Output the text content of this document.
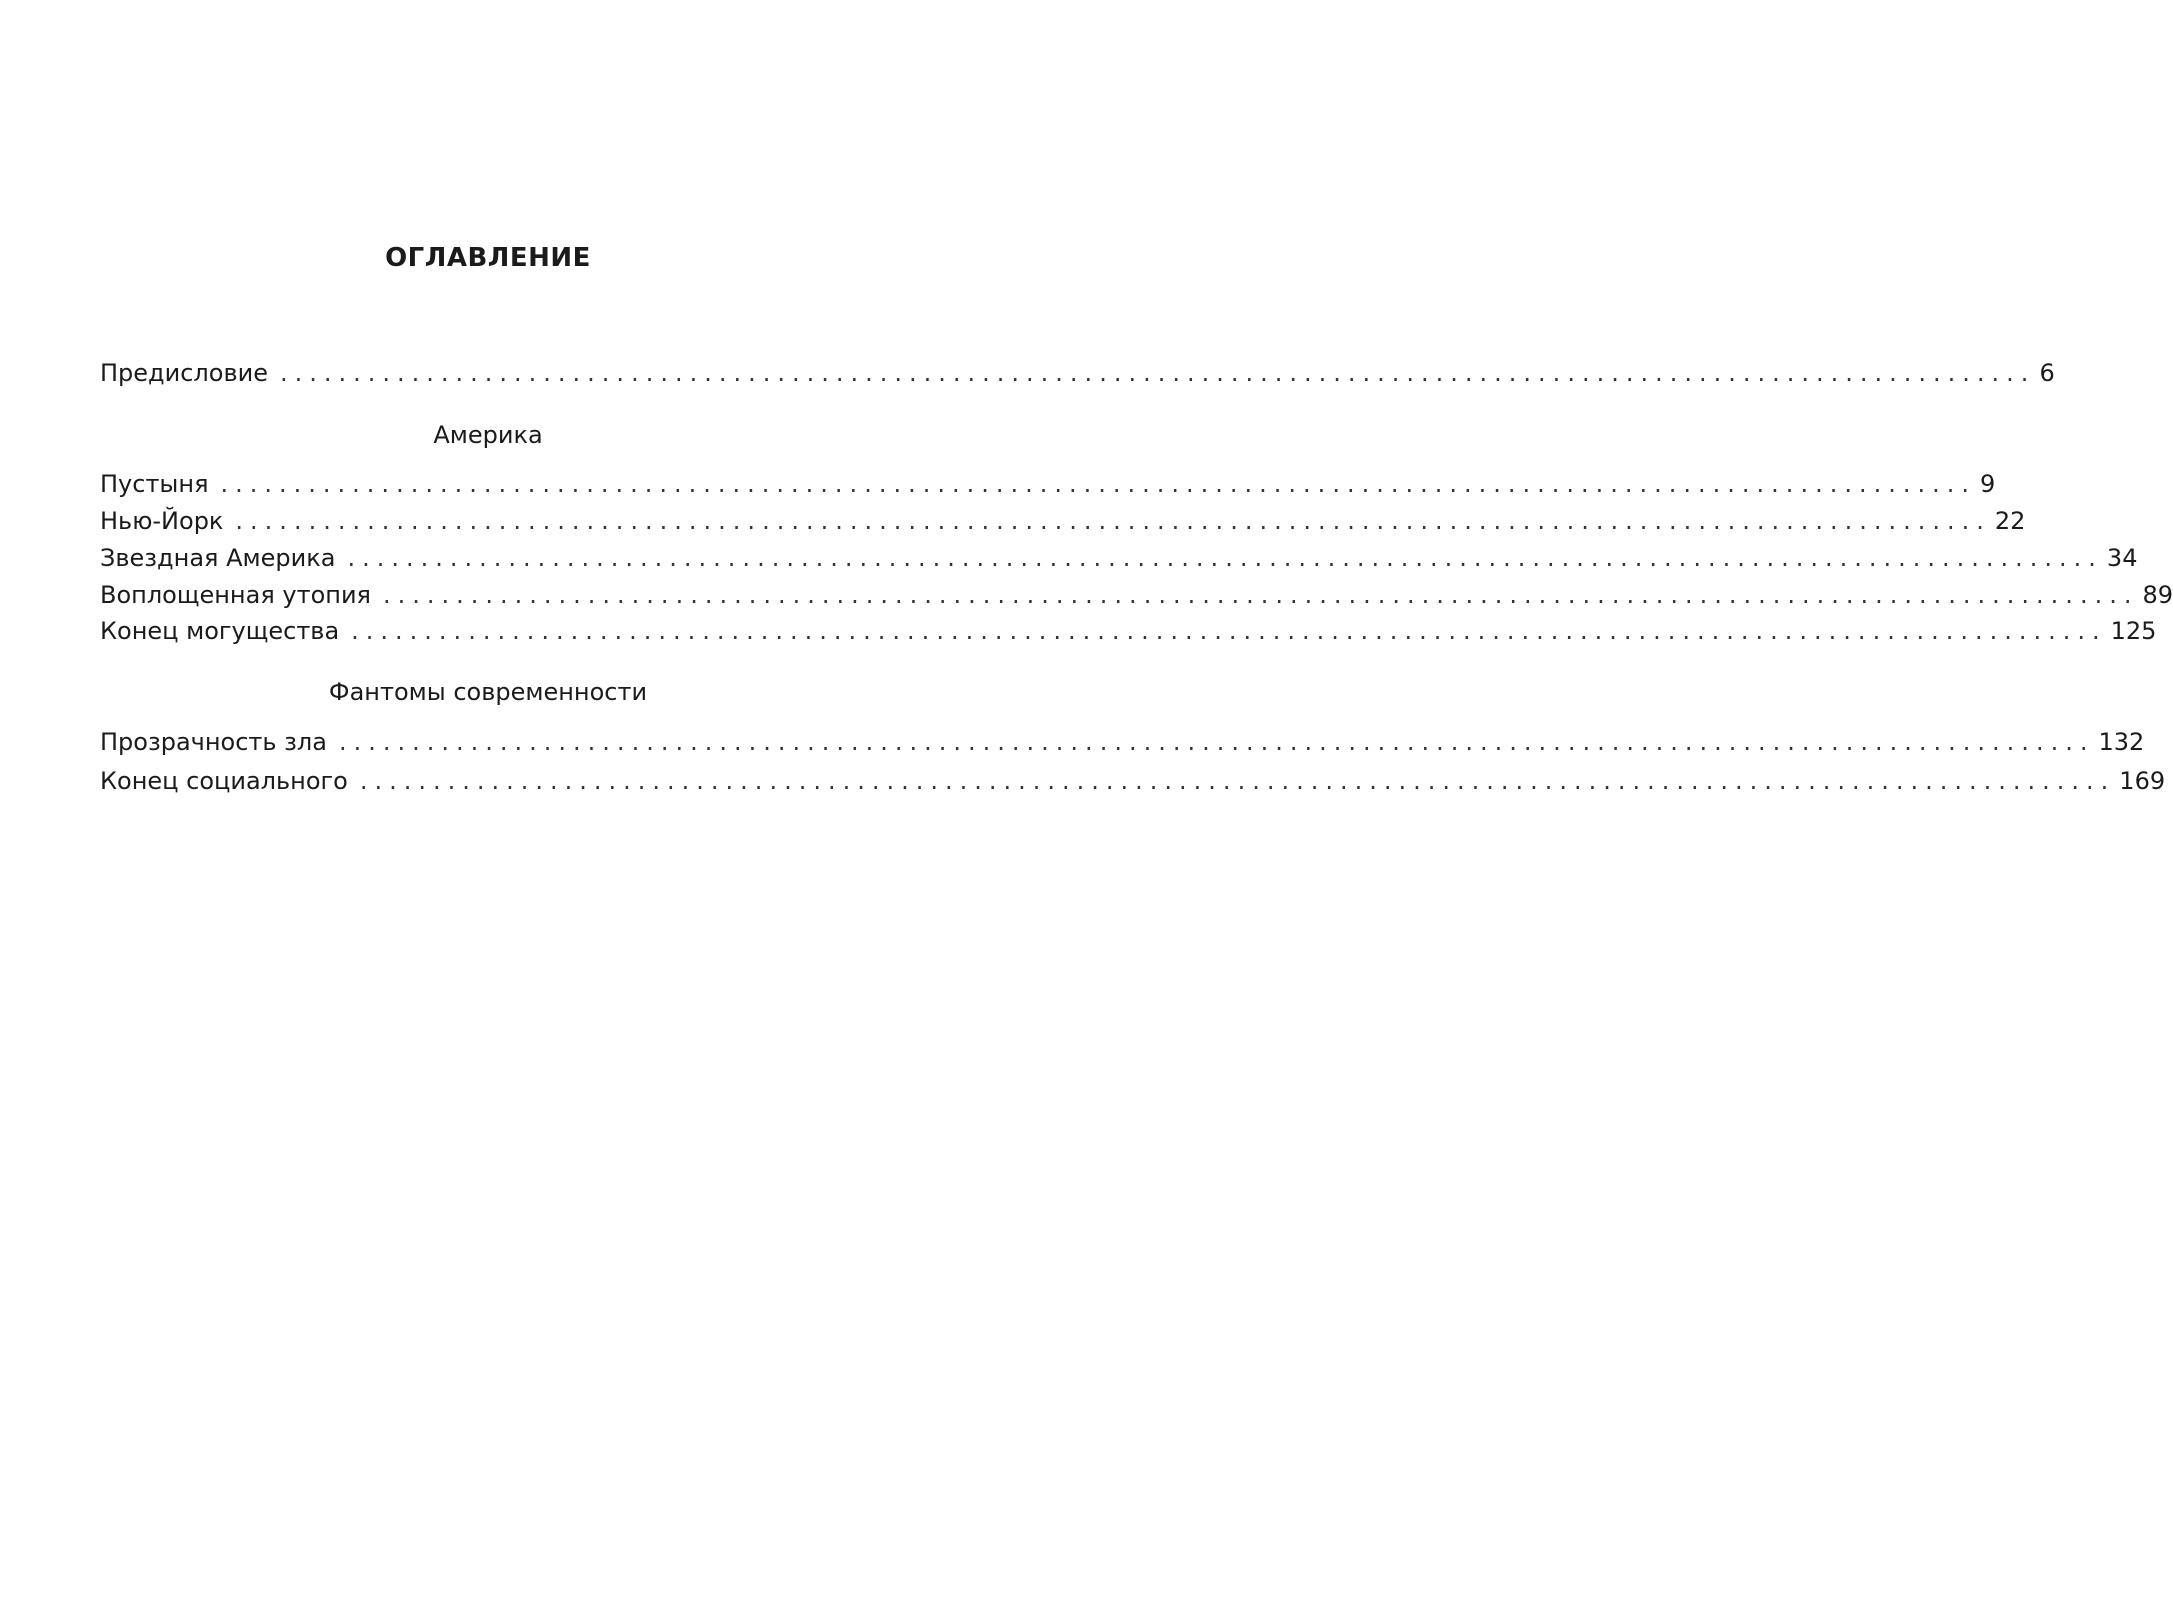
ОГЛАВЛЕНИЕ
Предисловие ........................................................................................................................ 6
Америка
Пустыня ........................................................................................................................ 9
Нью-Йорк ........................................................................................................................ 22
Звездная Америка ........................................................................................................................ 34
Воплощенная утопия ........................................................................................................................ 89
Конец могущества ........................................................................................................................ 125
Фантомы современности
Прозрачность зла ........................................................................................................................ 132
Конец социального ........................................................................................................................ 169
